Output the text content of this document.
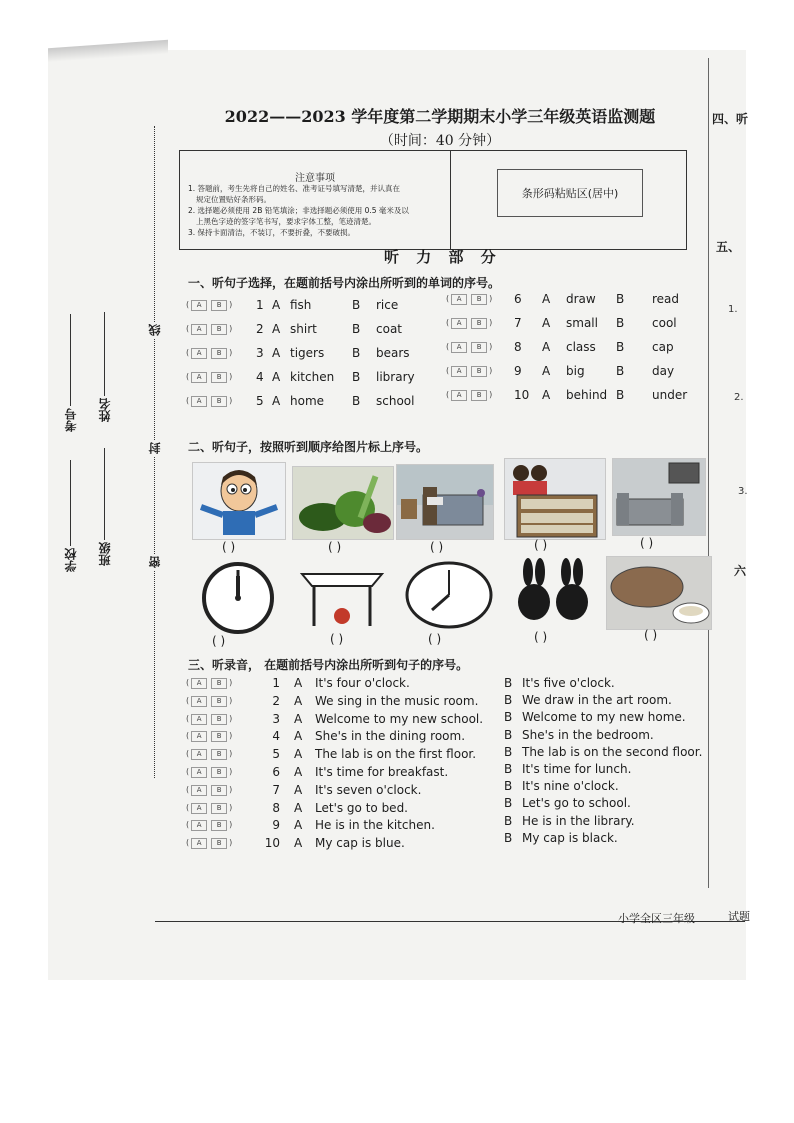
四、听
五、
六
1.
2.
3.
学校
考号
班级
姓名
线
封
密
2022——2023 学年度第二学期期末小学三年级英语监测题
（时间：40 分钟）
注意事项
1. 答题前，考生先将自己的姓名、准考证号填写清楚，并认真在
规定位置贴好条形码。
2. 选择题必须使用 2B 铅笔填涂；非选择题必须使用 0.5 毫米及以
上黑色字迹的签字笔书写，要求字体工整，笔迹清楚。
3. 保持卡面清洁，不装订，不要折叠，不要破损。
条形码粘贴区(居中)
听 力 部 分
一、听句子选择，在题前括号内涂出所听到的单词的序号。
( A B ) 1 A fish	B rice
( A B ) 2 A shirt	B coat
( A B ) 3 A tigers B bears
( A B ) 4 A kitchen B library
( A B ) 5 A home B school
( A B ) 6 A draw B read
( A B ) 7 A small B cool
( A B ) 8 A class B cap
( A B ) 9 A big	B day
( A B ) 10 A behind B under
二、听句子，按照听到顺序给图片标上序号。
( )	( )	( )	( )	( )
( )	( )	( )	( )	( )
三、听录音， 在题前括号内涂出所听到句子的序号。
( A B )	1 A It's four o'clock.	B It's five o'clock.
( A B )	2 A We sing in the music room. B We draw in the art room.
( A B )	3 A Welcome to my new school. B Welcome to my new home.
( A B )	4 A She's in the dining room.	B She's in the bedroom.
( A B )	5 A The lab is on the first floor. B The lab is on the second floor.
( A B )	6 A It's time for breakfast.	B It's time for lunch.
( A B )	7 A It's seven o'clock.	B It's nine o'clock.
( A B )	8 A Let's go to bed.	B Let's go to school.
( A B )	9 A He is in the kitchen.	B He is in the library.
( A B )	10 A My cap is blue.	B My cap is black.
小学全区三年级	试题
